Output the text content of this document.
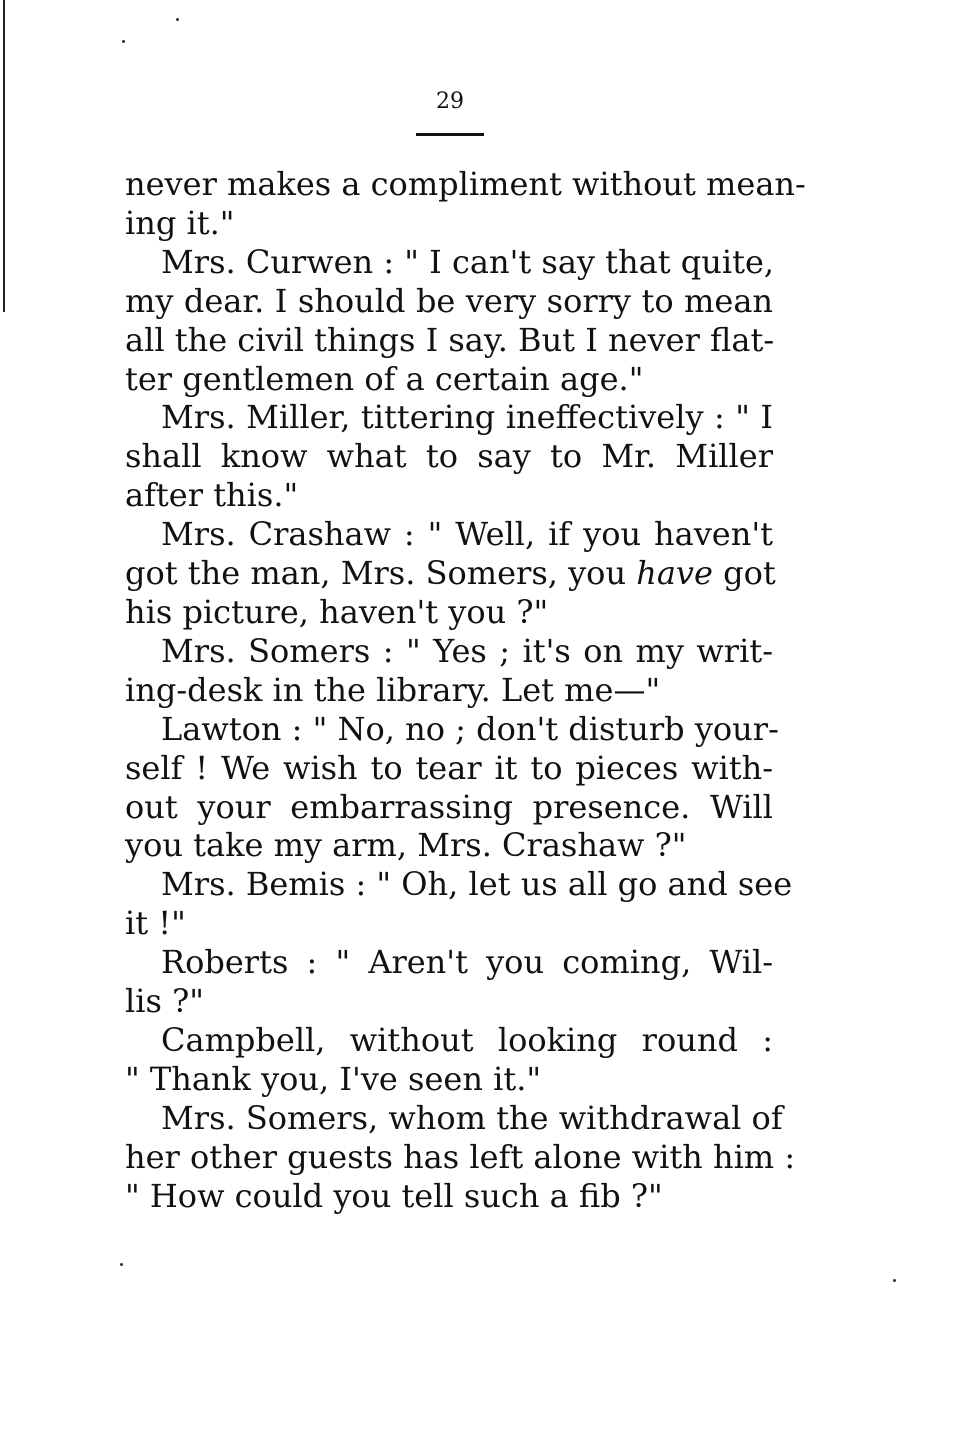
29
never makes a compliment without mean-
ing it."
Mrs. Curwen : " I can't say that quite,
my dear. I should be very sorry to mean
all the civil things I say. But I never flat-
ter gentlemen of a certain age."
Mrs. Miller, tittering ineffectively : " I
shall know what to say to Mr. Miller
after this."
Mrs. Crashaw : " Well, if you haven't
got the man, Mrs. Somers, you have got
his picture, haven't you ?"
Mrs. Somers : " Yes ; it's on my writ-
ing-desk in the library. Let me—"
Lawton : " No, no ; don't disturb your-
self ! We wish to tear it to pieces with-
out your embarrassing presence. Will
you take my arm, Mrs. Crashaw ?"
Mrs. Bemis : " Oh, let us all go and see
it !"
Roberts : " Aren't you coming, Wil-
lis ?"
Campbell, without looking round :
" Thank you, I've seen it."
Mrs. Somers, whom the withdrawal of
her other guests has left alone with him :
" How could you tell such a fib ?"
